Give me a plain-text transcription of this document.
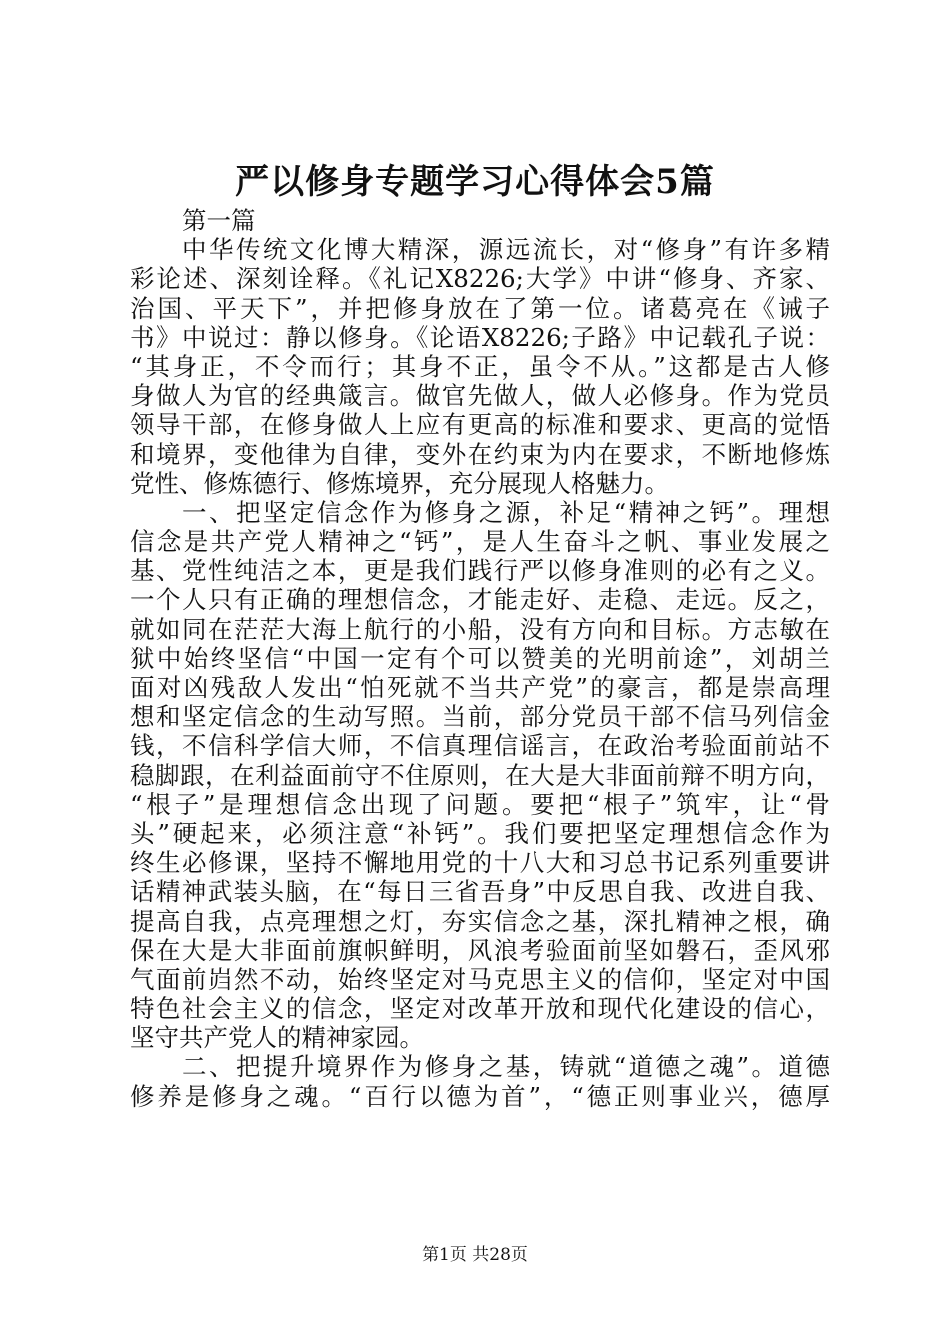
严以修身专题学习心得体会5篇
第一篇
中华传统文化博大精深，源远流长，对“修身”有许多精
彩论述、深刻诠释。《礼记X8226;大学》中讲“修身、齐家、
治国、平天下”，并把修身放在了第一位。诸葛亮在《诫子
书》中说过：静以修身。《论语X8226;子路》中记载孔子说：
“其身正，不令而行；其身不正，虽令不从。”这都是古人修
身做人为官的经典箴言。做官先做人，做人必修身。作为党员
领导干部，在修身做人上应有更高的标准和要求、更高的觉悟
和境界，变他律为自律，变外在约束为内在要求，不断地修炼
党性、修炼德行、修炼境界，充分展现人格魅力。
一、把坚定信念作为修身之源，补足“精神之钙”。理想
信念是共产党人精神之“钙”，是人生奋斗之帆、事业发展之
基、党性纯洁之本，更是我们践行严以修身准则的必有之义。
一个人只有正确的理想信念，才能走好、走稳、走远。反之，
就如同在茫茫大海上航行的小船，没有方向和目标。方志敏在
狱中始终坚信“中国一定有个可以赞美的光明前途”，刘胡兰
面对凶残敌人发出“怕死就不当共产党”的豪言，都是崇高理
想和坚定信念的生动写照。当前，部分党员干部不信马列信金
钱，不信科学信大师，不信真理信谣言，在政治考验面前站不
稳脚跟，在利益面前守不住原则，在大是大非面前辩不明方向，
“根子”是理想信念出现了问题。要把“根子”筑牢，让“骨
头”硬起来，必须注意“补钙”。我们要把坚定理想信念作为
终生必修课，坚持不懈地用党的十八大和习总书记系列重要讲
话精神武装头脑，在“每日三省吾身”中反思自我、改进自我、
提高自我，点亮理想之灯，夯实信念之基，深扎精神之根，确
保在大是大非面前旗帜鲜明，风浪考验面前坚如磐石，歪风邪
气面前岿然不动，始终坚定对马克思主义的信仰，坚定对中国
特色社会主义的信念，坚定对改革开放和现代化建设的信心，
坚守共产党人的精神家园。
二、把提升境界作为修身之基，铸就“道德之魂”。道德
修养是修身之魂。“百行以德为首”，“德正则事业兴，德厚
第1页 共28页
